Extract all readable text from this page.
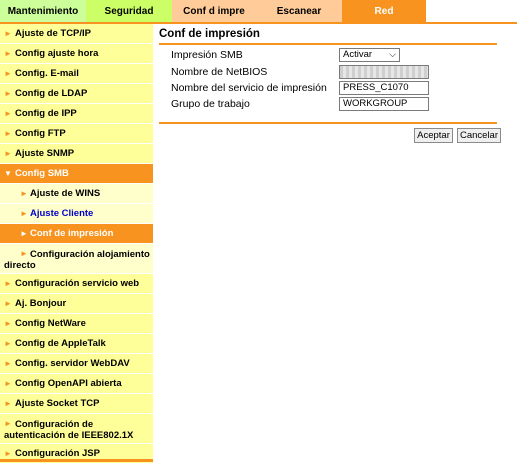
Mantenimiento	Seguridad	Conf d impre	Escanear	Red
► Ajuste de TCP/IP
► Config ajuste hora
► Config. E-mail
► Config de LDAP
► Config de IPP
► Config FTP
► Ajuste SNMP
▼ Config SMB
► Ajuste de WINS
► Ajuste Cliente
► Conf de impresión
► Configuración alojamiento directo
► Configuración servicio web
► Aj. Bonjour
► Config NetWare
► Config de AppleTalk
► Config. servidor WebDAV
► Config OpenAPI abierta
► Ajuste Socket TCP
► Configuración de autenticación de IEEE802.1X
► Configuración JSP
Conf de impresión
Impresión SMB	Activar ⌵
Nombre de NetBIOS
Nombre del servicio de impresión	PRESS_C1070
Grupo de trabajo	WORKGROUP
Aceptar	Cancelar
